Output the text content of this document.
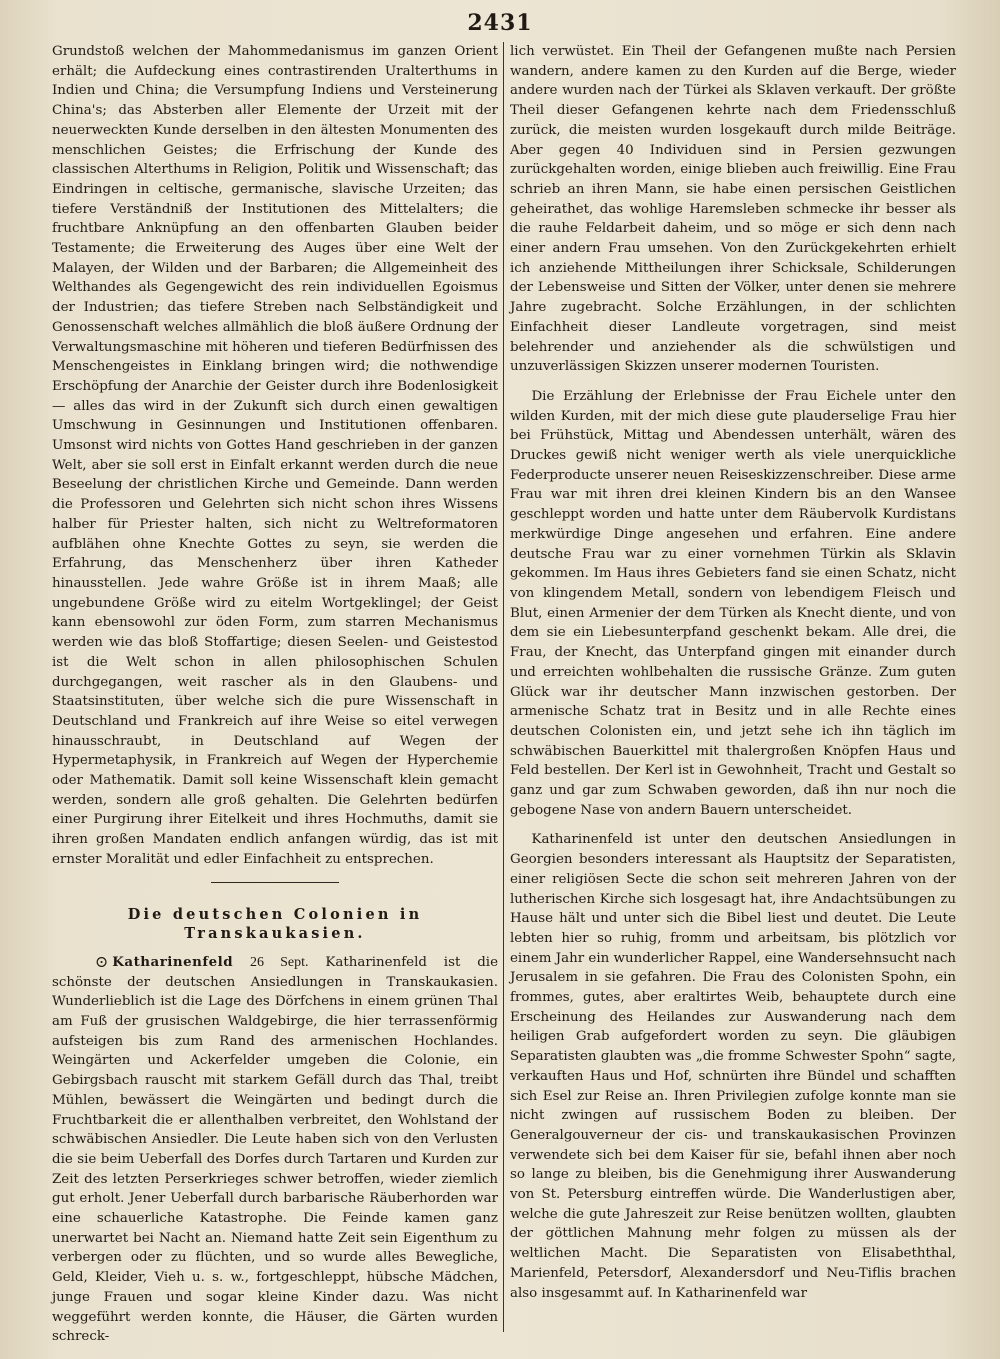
2431

Grundstoß welchen der Mahommedanismus im ganzen Orient erhält; die Aufdeckung eines contrastirenden Uralterthums in Indien und China; die Versumpfung Indiens und Versteinerung China's; das Absterben aller Elemente der Urzeit mit der neuerweckten Kunde derselben in den ältesten Monumenten des menschlichen Geistes; die Erfrischung der Kunde des classischen Alterthums in Religion, Politik und Wissenschaft; das Eindringen in celtische, germanische, slavische Urzeiten; das tiefere Verständniß der Institutionen des Mittelalters; die fruchtbare Anknüpfung an den offenbarten Glauben beider Testamente; die Erweiterung des Auges über eine Welt der Malayen, der Wilden und der Barbaren; die Allgemeinheit des Welthandes als Gegengewicht des rein individuellen Egoismus der Industrien; das tiefere Streben nach Selbständigkeit und Genossenschaft welches allmählich die bloß äußere Ordnung der Verwaltungsmaschine mit höheren und tieferen Bedürfnissen des Menschengeistes in Einklang bringen wird; die nothwendige Erschöpfung der Anarchie der Geister durch ihre Bodenlosigkeit — alles das wird in der Zukunft sich durch einen gewaltigen Umschwung in Gesinnungen und Institutionen offenbaren. Umsonst wird nichts von Gottes Hand geschrieben in der ganzen Welt, aber sie soll erst in Einfalt erkannt werden durch die neue Beseelung der christlichen Kirche und Gemeinde. Dann werden die Professoren und Gelehrten sich nicht schon ihres Wissens halber für Priester halten, sich nicht zu Weltreformatoren aufblähen ohne Knechte Gottes zu seyn, sie werden die Erfahrung, das Menschenherz über ihren Katheder hinausstellen. Jede wahre Größe ist in ihrem Maaß; alle ungebundene Größe wird zu eitelm Wortgeklingel; der Geist kann ebensowohl zur öden Form, zum starren Mechanismus werden wie das bloß Stoffartige; diesen Seelen- und Geistestod ist die Welt schon in allen philosophischen Schulen durchgegangen, weit rascher als in den Glaubens- und Staatsinstituten, über welche sich die pure Wissenschaft in Deutschland und Frankreich auf ihre Weise so eitel verwegen hinausschraubt, in Deutschland auf Wegen der Hypermetaphysik, in Frankreich auf Wegen der Hyperchemie oder Mathematik. Damit soll keine Wissenschaft klein gemacht werden, sondern alle groß gehalten. Die Gelehrten bedürfen einer Purgirung ihrer Eitelkeit und ihres Hochmuths, damit sie ihren großen Mandaten endlich anfangen würdig, das ist mit ernster Moralität und edler Einfachheit zu entsprechen.

Die deutschen Colonien in Transkaukasien.

⊙ Katharinenfeld 26 Sept. Katharinenfeld ist die schönste der deutschen Ansiedlungen in Transkaukasien. Wunderlieblich ist die Lage des Dörfchens in einem grünen Thal am Fuß der grusischen Waldgebirge, die hier terrassenförmig aufsteigen bis zum Rand des armenischen Hochlandes. Weingärten und Ackerfelder umgeben die Colonie, ein Gebirgsbach rauscht mit starkem Gefäll durch das Thal, treibt Mühlen, bewässert die Weingärten und bedingt durch die Fruchtbarkeit die er allenthalben verbreitet, den Wohlstand der schwäbischen Ansiedler. Die Leute haben sich von den Verlusten die sie beim Ueberfall des Dorfes durch Tartaren und Kurden zur Zeit des letzten Perserkrieges schwer betroffen, wieder ziemlich gut erholt. Jener Ueberfall durch barbarische Räuberhorden war eine schauerliche Katastrophe. Die Feinde kamen ganz unerwartet bei Nacht an. Niemand hatte Zeit sein Eigenthum zu verbergen oder zu flüchten, und so wurde alles Bewegliche, Geld, Kleider, Vieh u. s. w., fortgeschleppt, hübsche Mädchen, junge Frauen und sogar kleine Kinder dazu. Was nicht weggeführt werden konnte, die Häuser, die Gärten wurden schreck-

lich verwüstet. Ein Theil der Gefangenen mußte nach Persien wandern, andere kamen zu den Kurden auf die Berge, wieder andere wurden nach der Türkei als Sklaven verkauft. Der größte Theil dieser Gefangenen kehrte nach dem Friedensschluß zurück, die meisten wurden losgekauft durch milde Beiträge. Aber gegen 40 Individuen sind in Persien gezwungen zurückgehalten worden, einige blieben auch freiwillig. Eine Frau schrieb an ihren Mann, sie habe einen persischen Geistlichen geheirathet, das wohlige Haremsleben schmecke ihr besser als die rauhe Feldarbeit daheim, und so möge er sich denn nach einer andern Frau umsehen. Von den Zurückgekehrten erhielt ich anziehende Mittheilungen ihrer Schicksale, Schilderungen der Lebensweise und Sitten der Völker, unter denen sie mehrere Jahre zugebracht. Solche Erzählungen, in der schlichten Einfachheit dieser Landleute vorgetragen, sind meist belehrender und anziehender als die schwülstigen und unzuverlässigen Skizzen unserer modernen Touristen.

Die Erzählung der Erlebnisse der Frau Eichele unter den wilden Kurden, mit der mich diese gute plauderselige Frau hier bei Frühstück, Mittag und Abendessen unterhält, wären des Druckes gewiß nicht weniger werth als viele unerquickliche Federproducte unserer neuen Reiseskizzenschreiber. Diese arme Frau war mit ihren drei kleinen Kindern bis an den Wansee geschleppt worden und hatte unter dem Räubervolk Kurdistans merkwürdige Dinge angesehen und erfahren. Eine andere deutsche Frau war zu einer vornehmen Türkin als Sklavin gekommen. Im Haus ihres Gebieters fand sie einen Schatz, nicht von klingendem Metall, sondern von lebendigem Fleisch und Blut, einen Armenier der dem Türken als Knecht diente, und von dem sie ein Liebesunterpfand geschenkt bekam. Alle drei, die Frau, der Knecht, das Unterpfand gingen mit einander durch und erreichten wohlbehalten die russische Gränze. Zum guten Glück war ihr deutscher Mann inzwischen gestorben. Der armenische Schatz trat in Besitz und in alle Rechte eines deutschen Colonisten ein, und jetzt sehe ich ihn täglich im schwäbischen Bauerkittel mit thalergroßen Knöpfen Haus und Feld bestellen. Der Kerl ist in Gewohnheit, Tracht und Gestalt so ganz und gar zum Schwaben geworden, daß ihn nur noch die gebogene Nase von andern Bauern unterscheidet.

Katharinenfeld ist unter den deutschen Ansiedlungen in Georgien besonders interessant als Hauptsitz der Separatisten, einer religiösen Secte die schon seit mehreren Jahren von der lutherischen Kirche sich losgesagt hat, ihre Andachtsübungen zu Hause hält und unter sich die Bibel liest und deutet. Die Leute lebten hier so ruhig, fromm und arbeitsam, bis plötzlich vor einem Jahr ein wunderlicher Rappel, eine Wandersehnsucht nach Jerusalem in sie gefahren. Die Frau des Colonisten Spohn, ein frommes, gutes, aber eraltirtes Weib, behauptete durch eine Erscheinung des Heilandes zur Auswanderung nach dem heiligen Grab aufgefordert worden zu seyn. Die gläubigen Separatisten glaubten was „die fromme Schwester Spohn“ sagte, verkauften Haus und Hof, schnürten ihre Bündel und schafften sich Esel zur Reise an. Ihren Privilegien zufolge konnte man sie nicht zwingen auf russischem Boden zu bleiben. Der Generalgouverneur der cis- und transkaukasischen Provinzen verwendete sich bei dem Kaiser für sie, befahl ihnen aber noch so lange zu bleiben, bis die Genehmigung ihrer Auswanderung von St. Petersburg eintreffen würde. Die Wanderlustigen aber, welche die gute Jahreszeit zur Reise benützen wollten, glaubten der göttlichen Mahnung mehr folgen zu müssen als der weltlichen Macht. Die Separatisten von Elisabeththal, Marienfeld, Petersdorf, Alexandersdorf und Neu-Tiflis brachen also insgesammt auf. In Katharinenfeld war
